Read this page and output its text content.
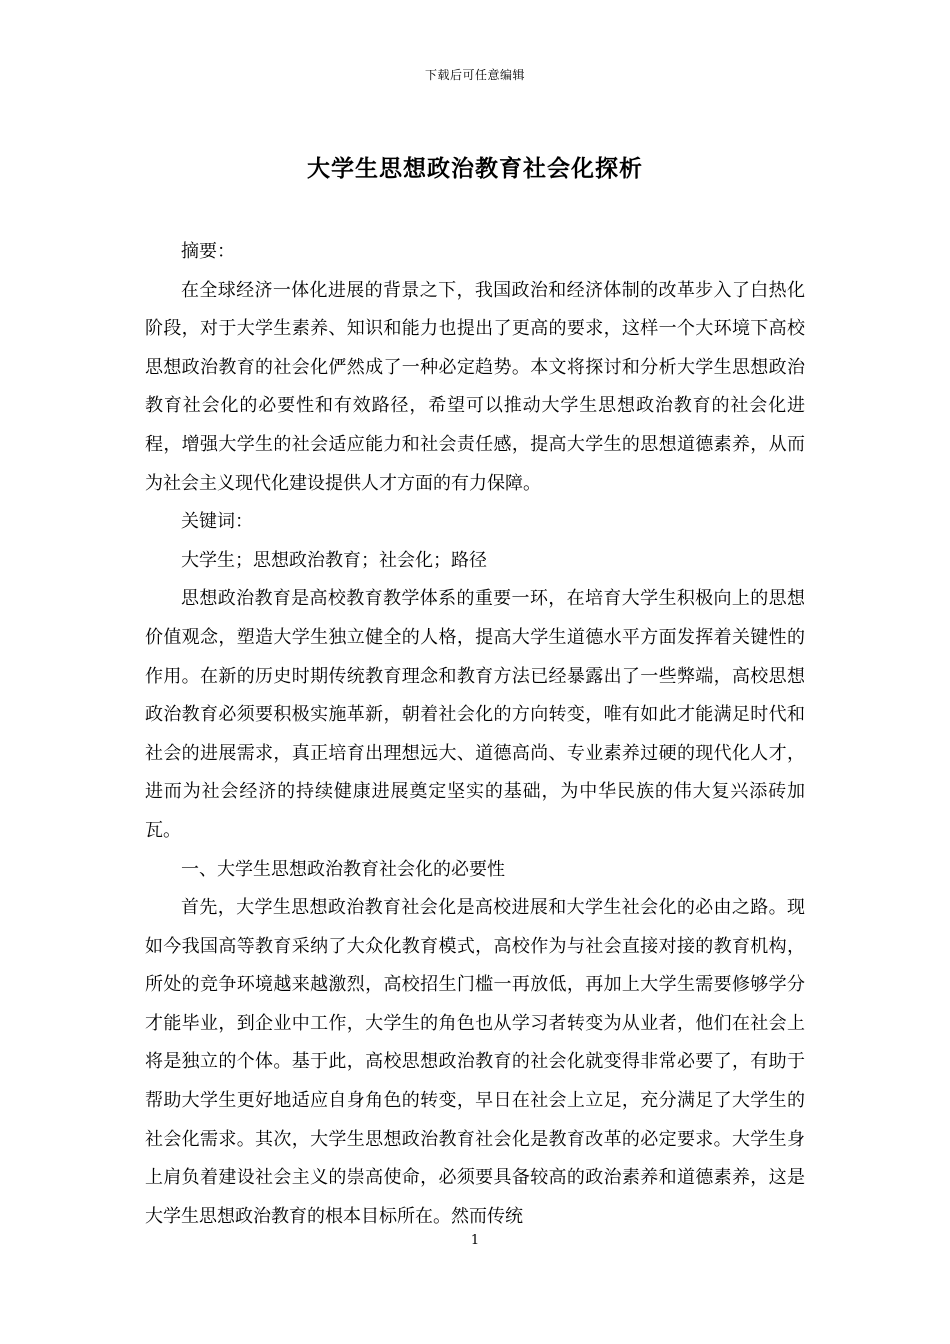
下载后可任意编辑
大学生思想政治教育社会化探析

摘要：

在全球经济一体化进展的背景之下，我国政治和经济体制的改革步入了白热化阶段，对于大学生素养、知识和能力也提出了更高的要求，这样一个大环境下高校思想政治教育的社会化俨然成了一种必定趋势。本文将探讨和分析大学生思想政治教育社会化的必要性和有效路径，希望可以推动大学生思想政治教育的社会化进程，增强大学生的社会适应能力和社会责任感，提高大学生的思想道德素养，从而为社会主义现代化建设提供人才方面的有力保障。

关键词：

大学生；思想政治教育；社会化；路径

思想政治教育是高校教育教学体系的重要一环，在培育大学生积极向上的思想价值观念，塑造大学生独立健全的人格，提高大学生道德水平方面发挥着关键性的作用。在新的历史时期传统教育理念和教育方法已经暴露出了一些弊端，高校思想政治教育必须要积极实施革新，朝着社会化的方向转变，唯有如此才能满足时代和社会的进展需求，真正培育出理想远大、道德高尚、专业素养过硬的现代化人才，进而为社会经济的持续健康进展奠定坚实的基础，为中华民族的伟大复兴添砖加瓦。

一、大学生思想政治教育社会化的必要性

首先，大学生思想政治教育社会化是高校进展和大学生社会化的必由之路。现如今我国高等教育采纳了大众化教育模式，高校作为与社会直接对接的教育机构，所处的竞争环境越来越激烈，高校招生门槛一再放低，再加上大学生需要修够学分才能毕业，到企业中工作，大学生的角色也从学习者转变为从业者，他们在社会上将是独立的个体。基于此，高校思想政治教育的社会化就变得非常必要了，有助于帮助大学生更好地适应自身角色的转变，早日在社会上立足，充分满足了大学生的社会化需求。其次，大学生思想政治教育社会化是教育改革的必定要求。大学生身上肩负着建设社会主义的崇高使命，必须要具备较高的政治素养和道德素养，这是大学生思想政治教育的根本目标所在。然而传统

1
